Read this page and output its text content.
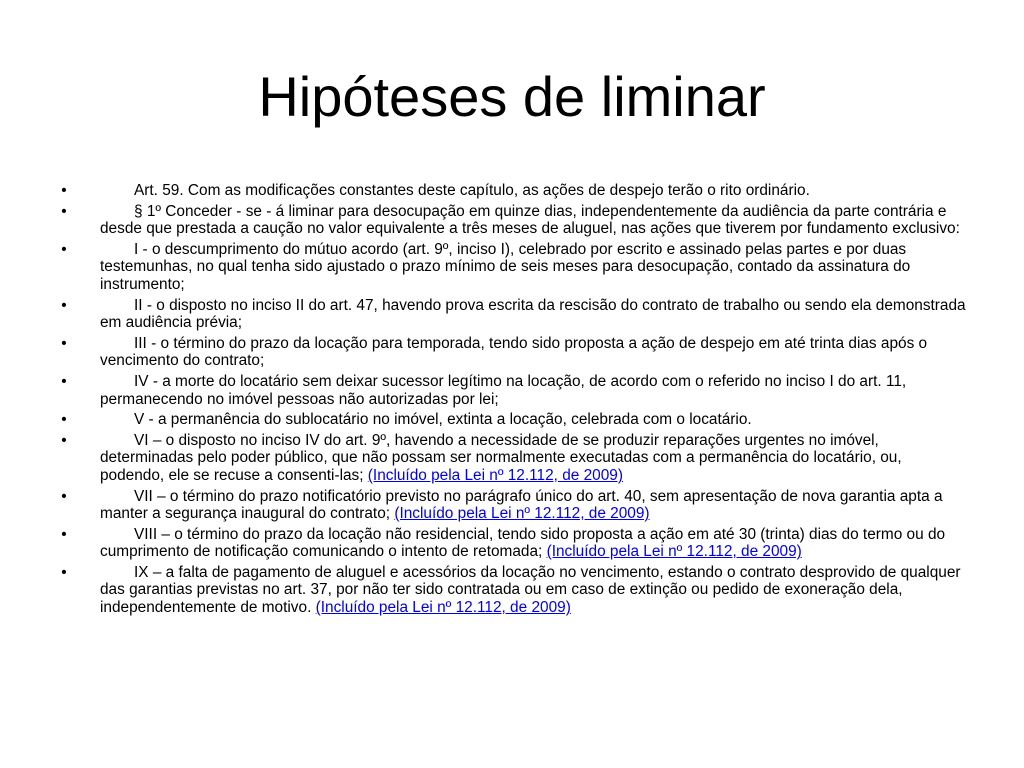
Hipóteses de liminar
•	Art. 59. Com as modificações constantes deste capítulo, as ações de despejo terão o rito ordinário.
•	§ 1º Conceder - se - á liminar para desocupação em quinze dias, independentemente da audiência da parte contrária e desde que prestada a caução no valor equivalente a três meses de aluguel, nas ações que tiverem por fundamento exclusivo:
•	I - o descumprimento do mútuo acordo (art. 9º, inciso I), celebrado por escrito e assinado pelas partes e por duas testemunhas, no qual tenha sido ajustado o prazo mínimo de seis meses para desocupação, contado da assinatura do instrumento;
•	II - o disposto no inciso II do art. 47, havendo prova escrita da rescisão do contrato de trabalho ou sendo ela demonstrada em audiência prévia;
•	III - o término do prazo da locação para temporada, tendo sido proposta a ação de despejo em até trinta dias após o vencimento do contrato;
•	IV - a morte do locatário sem deixar sucessor legítimo na locação, de acordo com o referido no inciso I do art. 11, permanecendo no imóvel pessoas não autorizadas por lei;
•	V - a permanência do sublocatário no imóvel, extinta a locação, celebrada com o locatário.
•	VI – o disposto no inciso IV do art. 9º, havendo a necessidade de se produzir reparações urgentes no imóvel, determinadas pelo poder público, que não possam ser normalmente executadas com a permanência do locatário, ou, podendo, ele se recuse a consenti-las; (Incluído pela Lei nº 12.112, de 2009)
•	VII – o término do prazo notificatório previsto no parágrafo único do art. 40, sem apresentação de nova garantia apta a manter a segurança inaugural do contrato; (Incluído pela Lei nº 12.112, de 2009)
•	VIII – o término do prazo da locação não residencial, tendo sido proposta a ação em até 30 (trinta) dias do termo ou do cumprimento de notificação comunicando o intento de retomada; (Incluído pela Lei nº 12.112, de 2009)
•	IX – a falta de pagamento de aluguel e acessórios da locação no vencimento, estando o contrato desprovido de qualquer das garantias previstas no art. 37, por não ter sido contratada ou em caso de extinção ou pedido de exoneração dela, independentemente de motivo. (Incluído pela Lei nº 12.112, de 2009)
